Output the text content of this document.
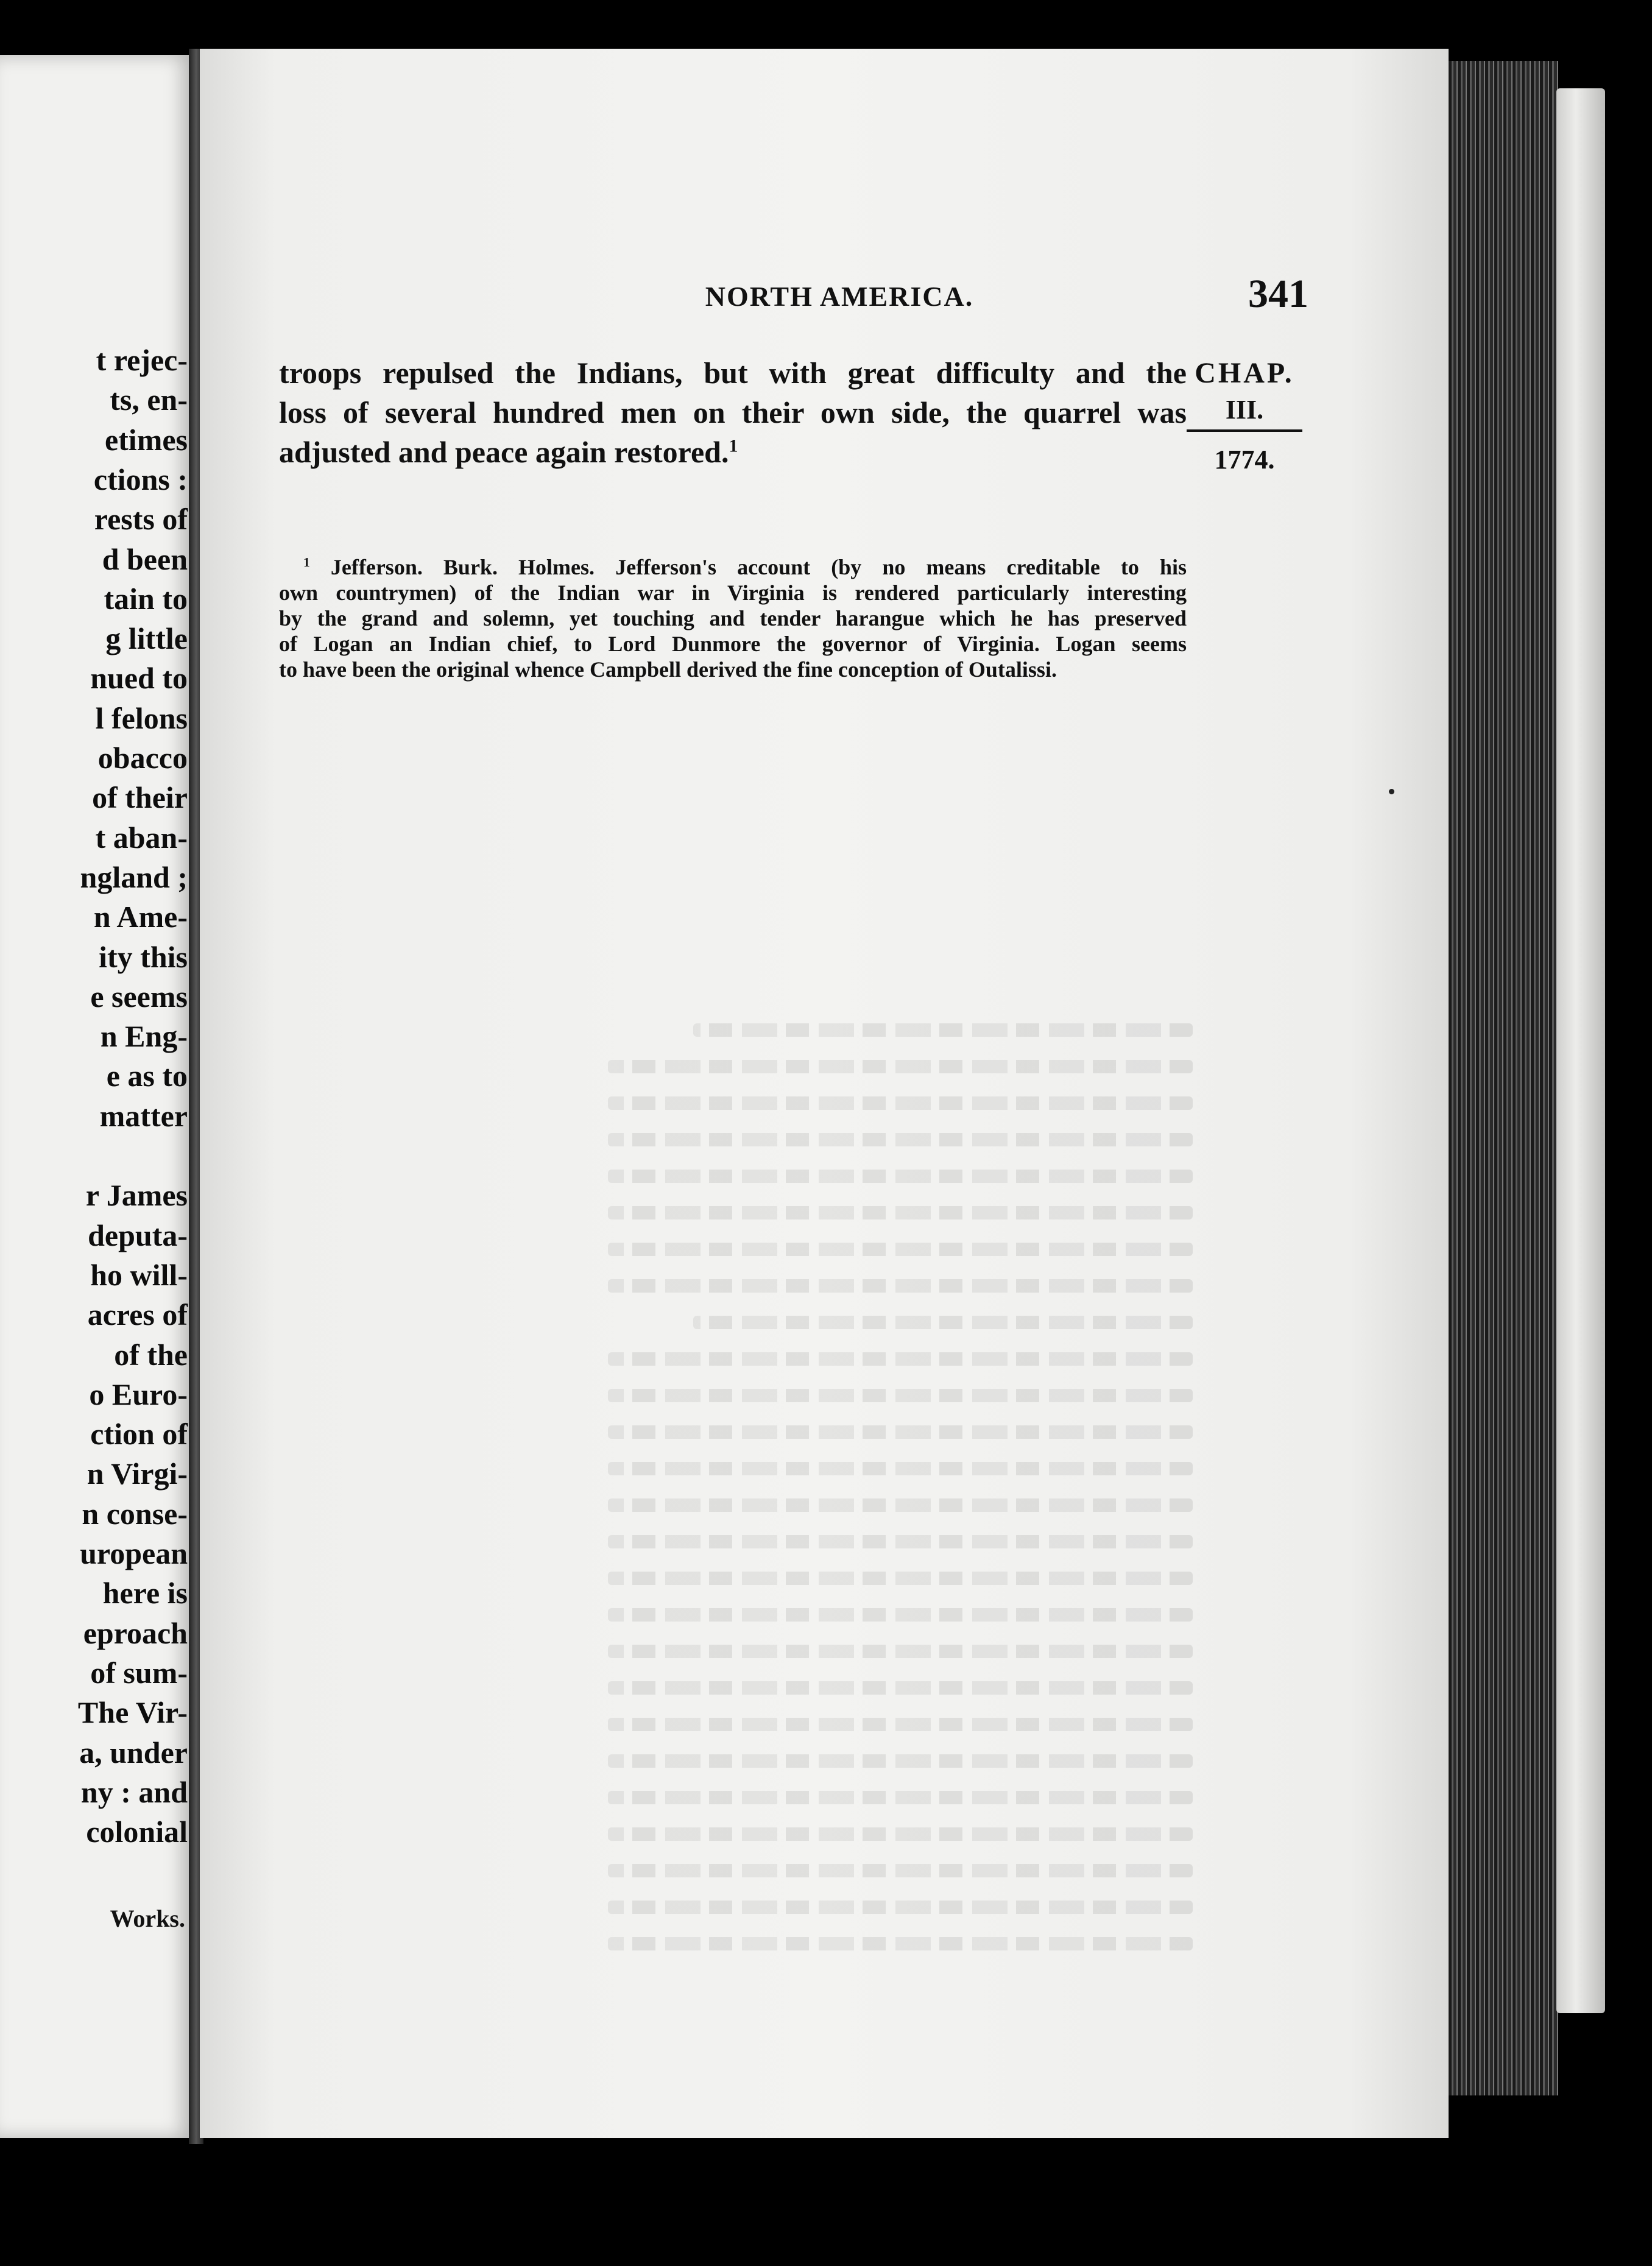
t rejec-
ts, en-
etimes
ctions :
rests of
d been
tain to
g little
nued to
l felons
obacco
of their
t aban-
ngland ;
n Ame-
ity this
e seems
n Eng-
e as to
matter
r James
deputa-
ho will-
acres of
of the
o Euro-
ction of
n Virgi-
n conse-
uropean
here is
eproach
of sum-
The Vir-
a, under
ny : and
colonial
Works.
NORTH AMERICA.	341
troops repulsed the Indians, but with great difficulty and the
loss of several hundred men on their own side, the quarrel was
adjusted and peace again restored.$^1$
CHAP.
III.
1774.
$^1$ Jefferson. Burk. Holmes. Jefferson's account (by no means creditable to his
own countrymen) of the Indian war in Virginia is rendered particularly interesting
by the grand and solemn, yet touching and tender harangue which he has preserved
of Logan an Indian chief, to Lord Dunmore the governor of Virginia. Logan seems
to have been the original whence Campbell derived the fine conception of Outalissi.
